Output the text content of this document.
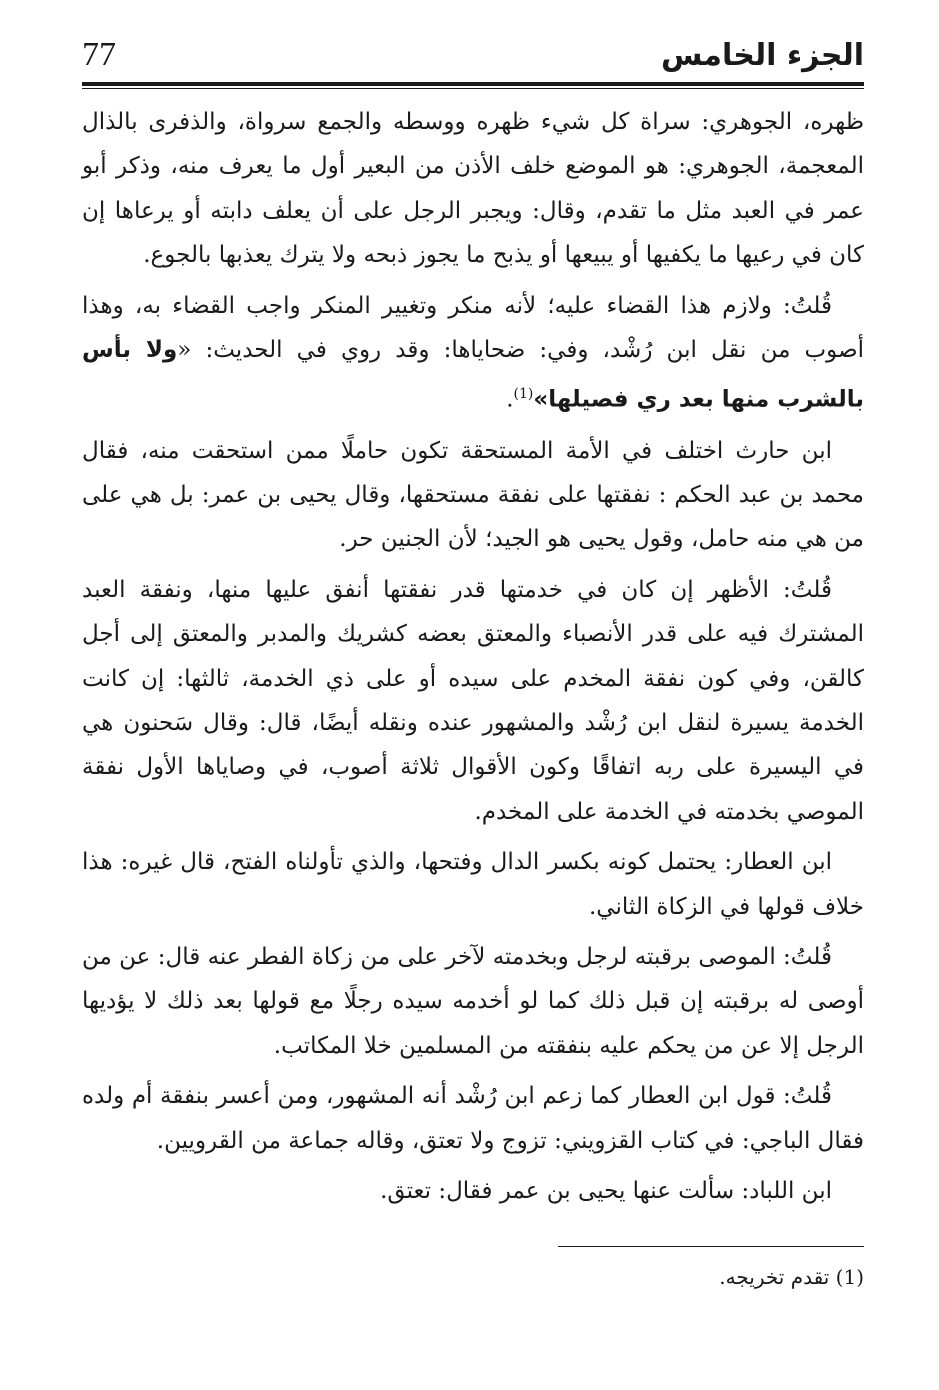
الجزء الخامس
77

ظهره، الجوهري: سراة كل شيء ظهره ووسطه والجمع سرواة، والذفرى بالذال المعجمة، الجوهري: هو الموضع خلف الأذن من البعير أول ما يعرف منه، وذكر أبو عمر في العبد مثل ما تقدم، وقال: ويجبر الرجل على أن يعلف دابته أو يرعاها إن كان في رعيها ما يكفيها أو يبيعها أو يذبح ما يجوز ذبحه ولا يترك يعذبها بالجوع.

قُلتُ: ولازم هذا القضاء عليه؛ لأنه منكر وتغيير المنكر واجب القضاء به، وهذا أصوب من نقل ابن رُشْد، وفي: ضحاياها: وقد روي في الحديث: «ولا بأس بالشرب منها بعد ري فصيلها»$^{(1)}$.

ابن حارث اختلف في الأمة المستحقة تكون حاملًا ممن استحقت منه، فقال محمد بن عبد الحكم : نفقتها على نفقة مستحقها، وقال يحيى بن عمر: بل هي على من هي منه حامل، وقول يحيى هو الجيد؛ لأن الجنين حر.

قُلتُ: الأظهر إن كان في خدمتها قدر نفقتها أنفق عليها منها، ونفقة العبد المشترك فيه على قدر الأنصباء والمعتق بعضه كشريك والمدبر والمعتق إلى أجل كالقن، وفي كون نفقة المخدم على سيده أو على ذي الخدمة، ثالثها: إن كانت الخدمة يسيرة لنقل ابن رُشْد والمشهور عنده ونقله أيضًا، قال: وقال سَحنون هي في اليسيرة على ربه اتفاقًا وكون الأقوال ثلاثة أصوب، في وصاياها الأول نفقة الموصي بخدمته في الخدمة على المخدم.

ابن العطار: يحتمل كونه بكسر الدال وفتحها، والذي تأولناه الفتح، قال غيره: هذا خلاف قولها في الزكاة الثاني.

قُلتُ: الموصى برقبته لرجل وبخدمته لآخر على من زكاة الفطر عنه قال: عن من أوصى له برقبته إن قبل ذلك كما لو أخدمه سيده رجلًا مع قولها بعد ذلك لا يؤديها الرجل إلا عن من يحكم عليه بنفقته من المسلمين خلا المكاتب.

قُلتُ: قول ابن العطار كما زعم ابن رُشْد أنه المشهور، ومن أعسر بنفقة أم ولده فقال الباجي: في كتاب القزويني: تزوج ولا تعتق، وقاله جماعة من القرويين.

ابن اللباد: سألت عنها يحيى بن عمر فقال: تعتق.

(1) تقدم تخريجه.
